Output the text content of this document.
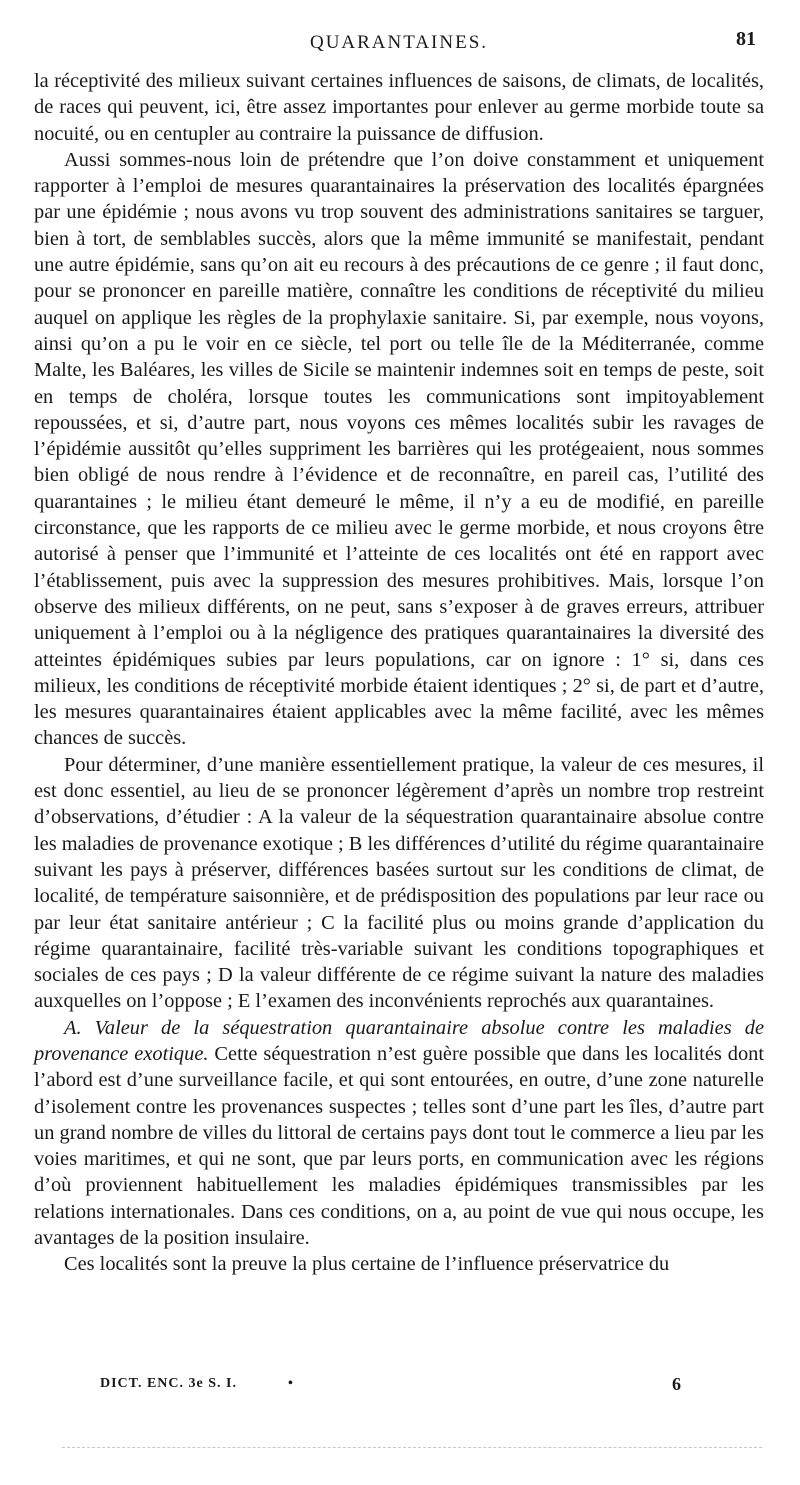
QUARANTAINES.	81

la réceptivité des milieux suivant certaines influences de saisons, de climats, de localités, de races qui peuvent, ici, être assez importantes pour enlever au germe morbide toute sa nocuité, ou en centupler au contraire la puissance de diffusion.

Aussi sommes-nous loin de prétendre que l’on doive constamment et uniquement rapporter à l’emploi de mesures quarantainaires la préservation des localités épargnées par une épidémie ; nous avons vu trop souvent des administrations sanitaires se targuer, bien à tort, de semblables succès, alors que la même immunité se manifestait, pendant une autre épidémie, sans qu’on ait eu recours à des précautions de ce genre ; il faut donc, pour se prononcer en pareille matière, connaître les conditions de réceptivité du milieu auquel on applique les règles de la prophylaxie sanitaire. Si, par exemple, nous voyons, ainsi qu’on a pu le voir en ce siècle, tel port ou telle île de la Méditerranée, comme Malte, les Baléares, les villes de Sicile se maintenir indemnes soit en temps de peste, soit en temps de choléra, lorsque toutes les communications sont impitoyablement repoussées, et si, d’autre part, nous voyons ces mêmes localités subir les ravages de l’épidémie aussitôt qu’elles suppriment les barrières qui les protégeaient, nous sommes bien obligé de nous rendre à l’évidence et de reconnaître, en pareil cas, l’utilité des quarantaines ; le milieu étant demeuré le même, il n’y a eu de modifié, en pareille circonstance, que les rapports de ce milieu avec le germe morbide, et nous croyons être autorisé à penser que l’immunité et l’atteinte de ces localités ont été en rapport avec l’établissement, puis avec la suppression des mesures prohibitives. Mais, lorsque l’on observe des milieux différents, on ne peut, sans s’exposer à de graves erreurs, attribuer uniquement à l’emploi ou à la négligence des pratiques quarantainaires la diversité des atteintes épidémiques subies par leurs populations, car on ignore : 1° si, dans ces milieux, les conditions de réceptivité morbide étaient identiques ; 2° si, de part et d’autre, les mesures quarantainaires étaient applicables avec la même facilité, avec les mêmes chances de succès.

Pour déterminer, d’une manière essentiellement pratique, la valeur de ces mesures, il est donc essentiel, au lieu de se prononcer légèrement d’après un nombre trop restreint d’observations, d’étudier : A la valeur de la séquestration quarantainaire absolue contre les maladies de provenance exotique ; B les différences d’utilité du régime quarantainaire suivant les pays à préserver, différences basées surtout sur les conditions de climat, de localité, de température saisonnière, et de prédisposition des populations par leur race ou par leur état sanitaire antérieur ; C la facilité plus ou moins grande d’application du régime quarantainaire, facilité très-variable suivant les conditions topographiques et sociales de ces pays ; D la valeur différente de ce régime suivant la nature des maladies auxquelles on l’oppose ; E l’examen des inconvénients reprochés aux quarantaines.

A. Valeur de la séquestration quarantainaire absolue contre les maladies de provenance exotique. Cette séquestration n’est guère possible que dans les localités dont l’abord est d’une surveillance facile, et qui sont entourées, en outre, d’une zone naturelle d’isolement contre les provenances suspectes ; telles sont d’une part les îles, d’autre part un grand nombre de villes du littoral de certains pays dont tout le commerce a lieu par les voies maritimes, et qui ne sont, que par leurs ports, en communication avec les régions d’où proviennent habituellement les maladies épidémiques transmissibles par les relations internationales. Dans ces conditions, on a, au point de vue qui nous occupe, les avantages de la position insulaire.

Ces localités sont la preuve la plus certaine de l’influence préservatrice du

DICT. ENC. 3e S. I.	•	6
